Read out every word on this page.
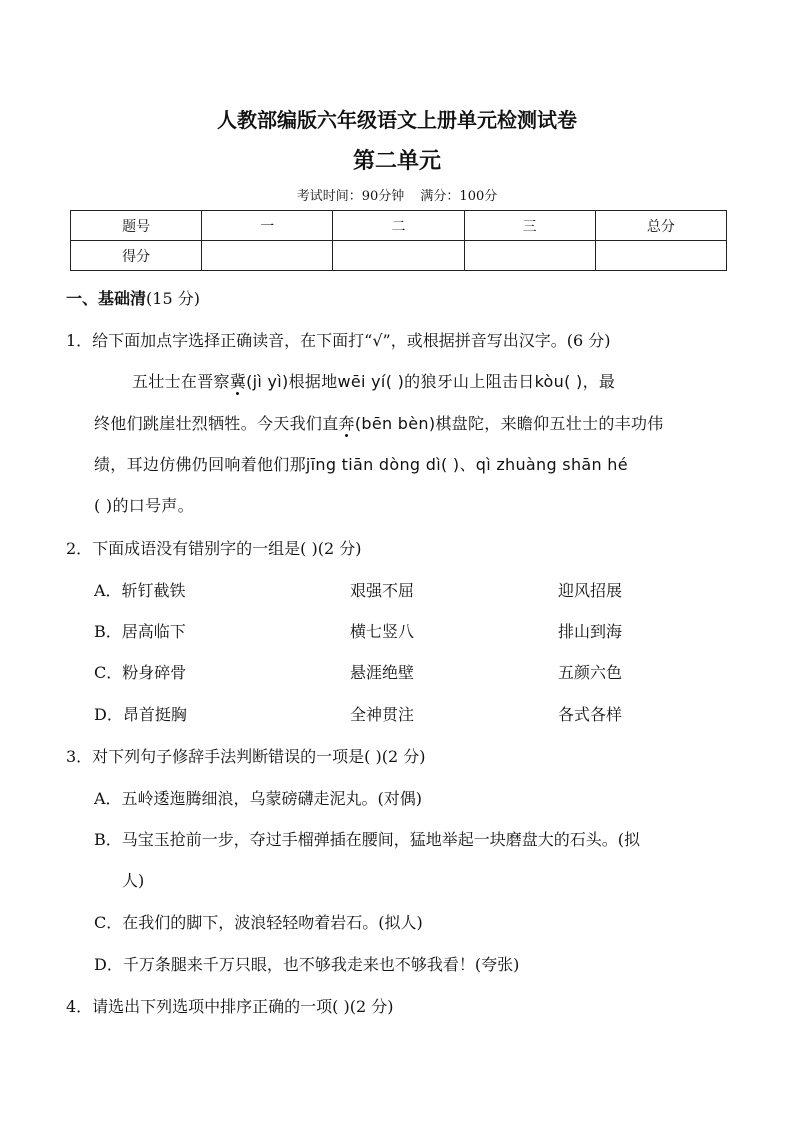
人教部编版六年级语文上册单元检测试卷
第二单元
考试时间：90分钟 满分：100分
题号	一	二	三	总分
得分				
一、基础清(15 分)
1．给下面加点字选择正确读音，在下面打“√”，或根据拼音写出汉字。(6 分)
五壮士在晋察冀(jì yì)根据地wēi yí( )的狼牙山上阻击日kòu( )，最
终他们跳崖壮烈牺牲。今天我们直奔(bēn bèn)棋盘陀，来瞻仰五壮士的丰功伟
绩，耳边仿佛仍回响着他们那jīng tiān dòng dì( )、qì zhuàng shān hé
( )的口号声。
2．下面成语没有错别字的一组是( )(2 分)
A．斩钉截铁	艰强不屈	迎风招展
B．居高临下	横七竖八	排山到海
C．粉身碎骨	悬涯绝壁	五颜六色
D．昂首挺胸	全神贯注	各式各样
3．对下列句子修辞手法判断错误的一项是( )(2 分)
A．五岭逶迤腾细浪，乌蒙磅礴走泥丸。(对偶)
B．马宝玉抢前一步，夺过手榴弹插在腰间，猛地举起一块磨盘大的石头。(拟
人)
C．在我们的脚下，波浪轻轻吻着岩石。(拟人)
D．千万条腿来千万只眼，也不够我走来也不够我看！(夸张)
4．请选出下列选项中排序正确的一项( )(2 分)
